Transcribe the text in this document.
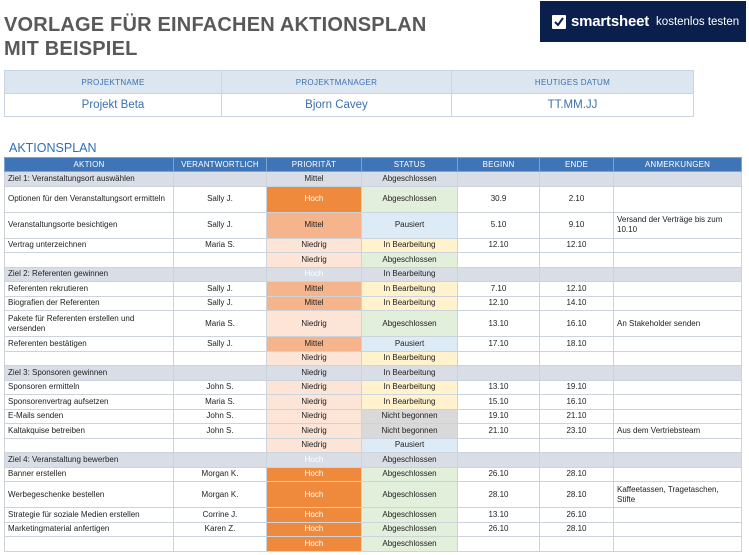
VORLAGE FÜR EINFACHEN AKTIONSPLAN
MIT BEISPIEL
smartsheet kostenlos testen
PROJEKTNAME	PROJEKTMANAGER	HEUTIGES DATUM
Projekt Beta	Bjorn Cavey	TT.MM.JJ
AKTIONSPLAN
AKTION	VERANTWORTLICH	PRIORITÄT	STATUS	BEGINN	ENDE	ANMERKUNGEN
Ziel 1: Veranstaltungsort auswählen		Mittel	Abgeschlossen			
Optionen für den Veranstaltungsort ermitteln	Sally J.	Hoch	Abgeschlossen	30.9	2.10	
Veranstaltungsorte besichtigen	Sally J.	Mittel	Pausiert	5.10	9.10	Versand der Verträge bis zum 10.10
Vertrag unterzeichnen	Maria S.	Niedrig	In Bearbeitung	12.10	12.10	
		Niedrig	Abgeschlossen			
Ziel 2: Referenten gewinnen		Hoch	In Bearbeitung			
Referenten rekrutieren	Sally J.	Mittel	In Bearbeitung	7.10	12.10	
Biografien der Referenten	Sally J.	Mittel	In Bearbeitung	12.10	14.10	
Pakete für Referenten erstellen und versenden	Maria S.	Niedrig	Abgeschlossen	13.10	16.10	An Stakeholder senden
Referenten bestätigen	Sally J.	Mittel	Pausiert	17.10	18.10	
		Niedrig	In Bearbeitung			
Ziel 3: Sponsoren gewinnen		Niedrig	In Bearbeitung			
Sponsoren ermitteln	John S.	Niedrig	In Bearbeitung	13.10	19.10	
Sponsorenvertrag aufsetzen	Maria S.	Niedrig	In Bearbeitung	15.10	16.10	
E-Mails senden	John S.	Niedrig	Nicht begonnen	19.10	21.10	
Kaltakquise betreiben	John S.	Niedrig	Nicht begonnen	21.10	23.10	Aus dem Vertriebsteam
		Niedrig	Pausiert			
Ziel 4: Veranstaltung bewerben		Hoch	Abgeschlossen			
Banner erstellen	Morgan K.	Hoch	Abgeschlossen	26.10	28.10	
Werbegeschenke bestellen	Morgan K.	Hoch	Abgeschlossen	28.10	28.10	Kaffeetassen, Tragetaschen, Stifte
Strategie für soziale Medien erstellen	Corrine J.	Hoch	Abgeschlossen	13.10	26.10	
Marketingmaterial anfertigen	Karen Z.	Hoch	Abgeschlossen	26.10	28.10	
		Hoch	Abgeschlossen			
